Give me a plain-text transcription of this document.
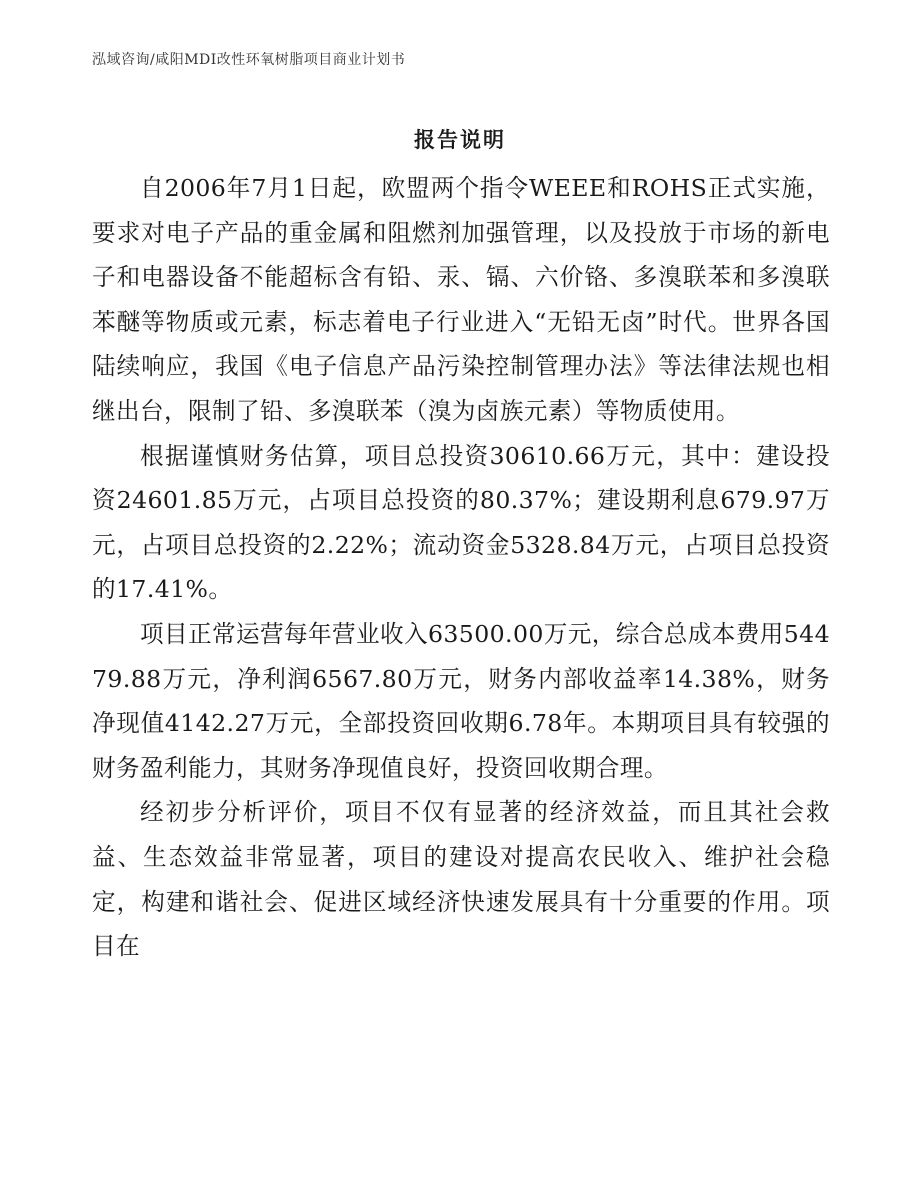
泓域咨询/咸阳MDI改性环氧树脂项目商业计划书
报告说明

自2006年7月1日起，欧盟两个指令WEEE和ROHS正式实施，要求对电子产品的重金属和阻燃剂加强管理，以及投放于市场的新电子和电器设备不能超标含有铅、汞、镉、六价铬、多溴联苯和多溴联苯醚等物质或元素，标志着电子行业进入“无铅无卤”时代。世界各国陆续响应，我国《电子信息产品污染控制管理办法》等法律法规也相继出台，限制了铅、多溴联苯（溴为卤族元素）等物质使用。

根据谨慎财务估算，项目总投资30610.66万元，其中：建设投资24601.85万元，占项目总投资的80.37%；建设期利息679.97万元，占项目总投资的2.22%；流动资金5328.84万元，占项目总投资的17.41%。

项目正常运营每年营业收入63500.00万元，综合总成本费用54479.88万元，净利润6567.80万元，财务内部收益率14.38%，财务净现值4142.27万元，全部投资回收期6.78年。本期项目具有较强的财务盈利能力，其财务净现值良好，投资回收期合理。

经初步分析评价，项目不仅有显著的经济效益，而且其社会救益、生态效益非常显著，项目的建设对提高农民收入、维护社会稳定，构建和谐社会、促进区域经济快速发展具有十分重要的作用。项目在
